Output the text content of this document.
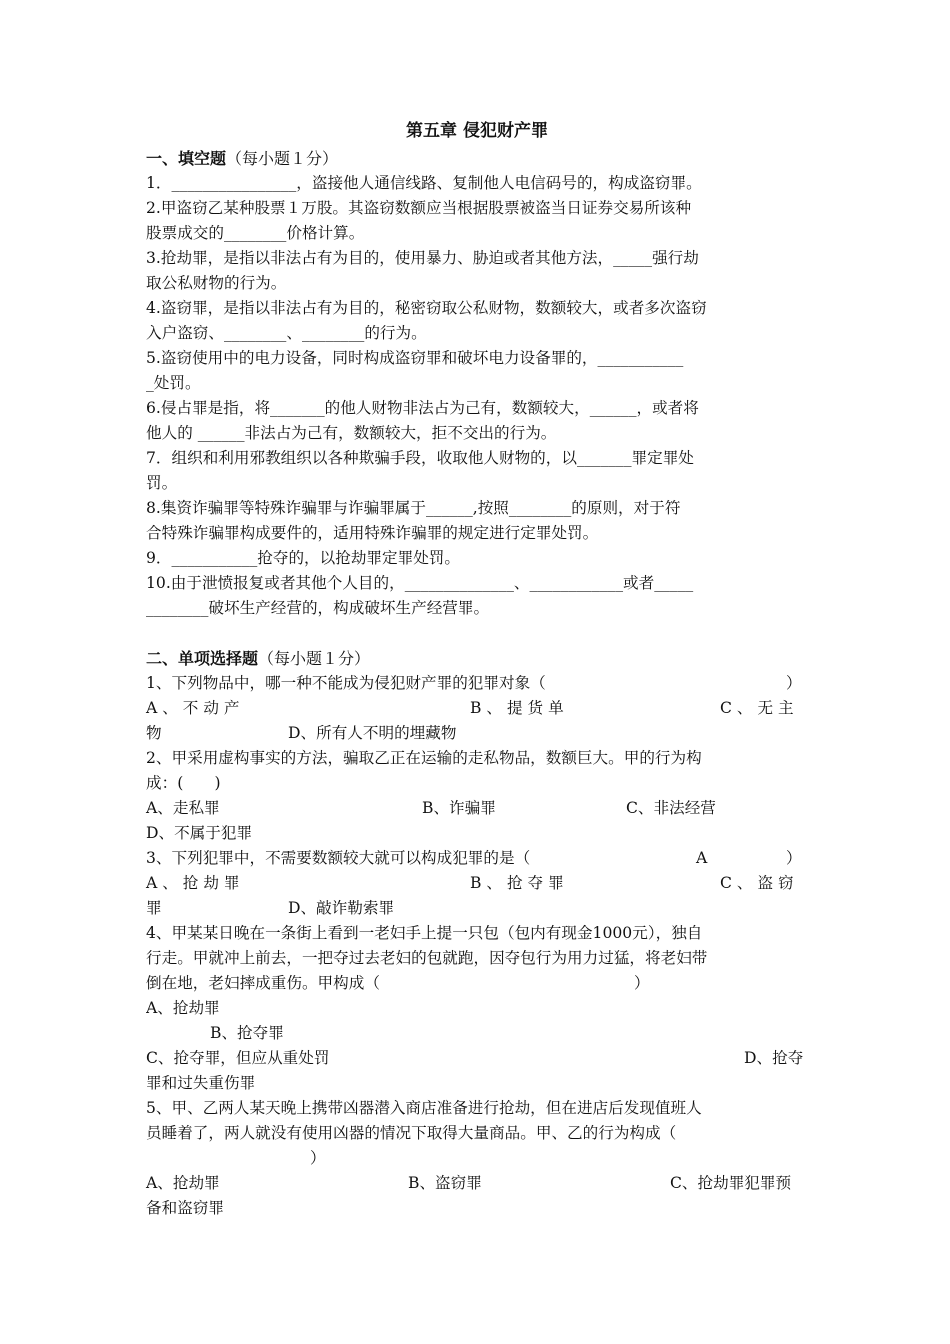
第五章 侵犯财产罪
一、填空题（每小题１分）
1．________________，盗接他人通信线路、复制他人电信码号的，构成盗窃罪。
2.甲盗窃乙某种股票１万股。其盗窃数额应当根据股票被盗当日证券交易所该种
股票成交的________价格计算。
3.抢劫罪，是指以非法占有为目的，使用暴力、胁迫或者其他方法，_____强行劫
取公私财物的行为。
4.盗窃罪，是指以非法占有为目的，秘密窃取公私财物，数额较大，或者多次盗窃
入户盗窃、________、________的行为。
5.盗窃使用中的电力设备，同时构成盗窃罪和破坏电力设备罪的，___________
_处罚。
6.侵占罪是指，将_______的他人财物非法占为己有，数额较大，______，或者将
他人的 ______非法占为己有，数额较大，拒不交出的行为。
7．组织和利用邪教组织以各种欺骗手段，收取他人财物的，以_______罪定罪处
罚。
8.集资诈骗罪等特殊诈骗罪与诈骗罪属于______,按照________的原则，对于符
合特殊诈骗罪构成要件的，适用特殊诈骗罪的规定进行定罪处罚。
9．___________抢夺的，以抢劫罪定罪处罚。
10.由于泄愤报复或者其他个人目的，______________、____________或者_____
________破坏生产经营的，构成破坏生产经营罪。
二、单项选择题（每小题１分）
1、下列物品中，哪一种不能成为侵犯财产罪的犯罪对象（	）
A 、 不 动 产	B 、 提 货 单	C 、 无 主
物	D、所有人不明的埋藏物
2、甲采用虚构事实的方法，骗取乙正在运输的走私物品，数额巨大。甲的行为构
成：(　　)
A、走私罪	B、诈骗罪	C、非法经营
D、不属于犯罪
3、下列犯罪中，不需要数额较大就可以构成犯罪的是（	A	）
A 、 抢 劫 罪	B 、 抢 夺 罪	C 、 盗 窃
罪	D、敲诈勒索罪
4、甲某某日晚在一条街上看到一老妇手上提一只包（包内有现金1000元），独自
行走。甲就冲上前去，一把夺过去老妇的包就跑，因夺包行为用力过猛，将老妇带
倒在地，老妇摔成重伤。甲构成（	）
A、抢劫罪
B、抢夺罪
C、抢夺罪，但应从重处罚	D、抢夺
罪和过失重伤罪
5、甲、乙两人某天晚上携带凶器潜入商店准备进行抢劫，但在进店后发现值班人
员睡着了，两人就没有使用凶器的情况下取得大量商品。甲、乙的行为构成（
）
A、抢劫罪	B、盗窃罪	C、抢劫罪犯罪预
备和盗窃罪
